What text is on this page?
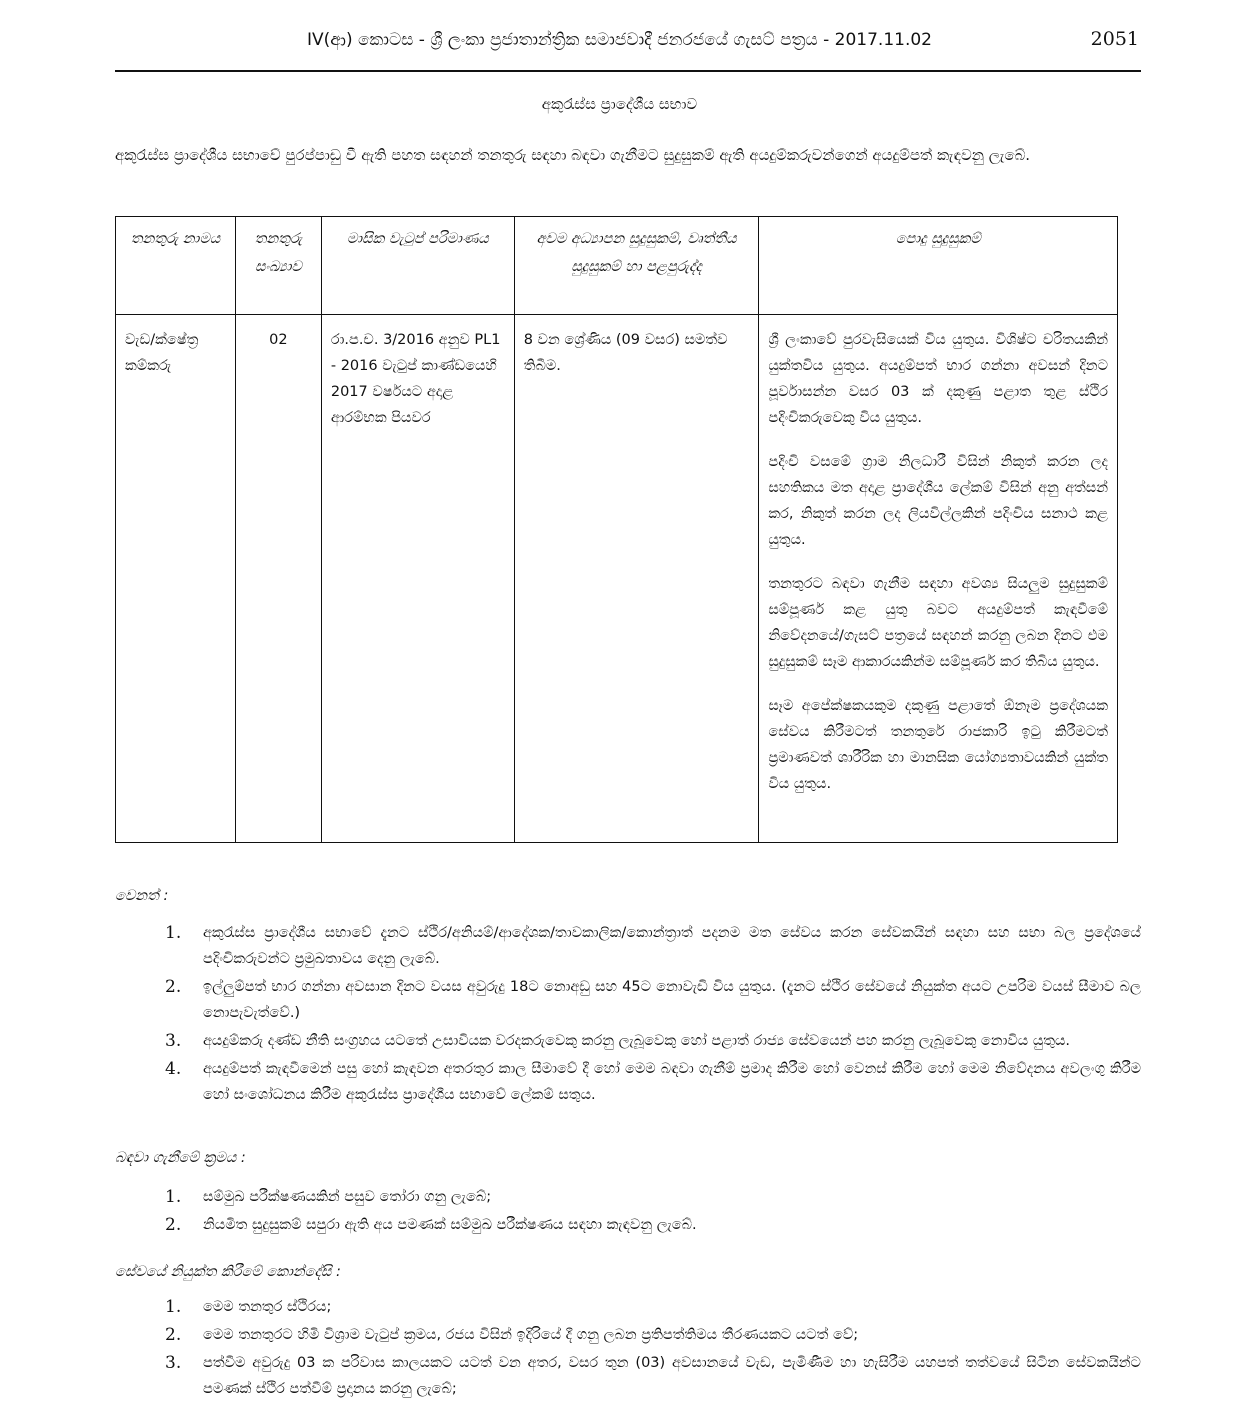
IV(ආ) කොටස - ශ්‍රී ලංකා ප්‍රජාතාන්ත්‍රික සමාජවාදී ජනරජයේ ගැසට් පත්‍රය - 2017.11.02	2051
අකුරැස්ස ප්‍රාදේශීය සභාව
අකුරැස්ස ප්‍රාදේශීය සභාවේ පුරප්පාඩු වී ඇති පහත සඳහන් තනතුරු සඳහා බඳවා ගැනීමට සුදුසුකම් ඇති අයදුම්කරුවන්ගෙන් අයදුම්පත් කැඳවනු ලැබේ.
තනතුරු නාමය	තනතුරු සංඛ්‍යාව	මාසික වැටුප් පරිමාණය	අවම අධ්‍යාපන සුදුසුකම්, වෘත්තීය සුදුසුකම් හා පළපුරුද්ද	පොදු සුදුසුකම්
වැඩ/ක්ෂේත්‍ර කම්කරු	02	රා.ප.ච. 3/2016 අනුව PL1 - 2016 වැටුප් කාණ්ඩයෙහි 2017 වර්ෂයට අදාළ ආරම්භක පියවර	8 වන ශ්‍රේණිය (09 වසර) සමත්ව තිබීම.	ශ්‍රී ලංකාවේ පුරවැසියෙක් විය යුතුය. විශිෂ්ට චරිතයකින් යුක්තවිය යුතුය. අයදුම්පත් භාර ගන්නා අවසන් දිනට පූර්වාසන්න වසර 03 ක් දකුණු පළාත තුළ ස්ථිර පදිංචිකරුවෙකු විය යුතුය.

පදිංචි වසමේ ග්‍රාම නිලධාරී විසින් නිකුත් කරන ලද සහතිකය මත අදාළ ප්‍රාදේශීය ලේකම් විසින් අනු අත්සන් කර, නිකුත් කරන ලද ලියවිල්ලකින් පදිංචිය සනාථ කළ යුතුය.

තනතුරට බඳවා ගැනීම සඳහා අවශ්‍ය සියලුම සුදුසුකම් සම්පූර්ණ කළ යුතු බවට අයදුම්පත් කැඳවීමේ නිවේදනයේ/ගැසට් පත්‍රයේ සඳහන් කරනු ලබන දිනට එම සුදුසුකම් සෑම ආකාරයකින්ම සම්පූර්ණ කර තිබිය යුතුය.

සෑම අපේක්ෂකයකුම දකුණු පළාතේ ඕනෑම ප්‍රදේශයක සේවය කිරීමටත් තනතුරේ රාජකාරි ඉටු කිරීමටත් ප්‍රමාණවත් ශාරීරික හා මානසික යෝග්‍යතාවයකින් යුක්ත විය යුතුය.

වෙනත් :
1. අකුරැස්ස ප්‍රාදේශීය සභාවේ දැනට ස්ථිර/අනියම්/ආදේශක/තාවකාලික/කොන්ත්‍රාත් පදනම මත සේවය කරන සේවකයින් සඳහා සහ සභා බල ප්‍රදේශයේ පදිංචිකරුවන්ට ප්‍රමුඛතාවය දෙනු ලැබේ.
2. ඉල්ලුම්පත් භාර ගන්නා අවසාන දිනට වයස අවුරුදු 18ට නොඅඩු සහ 45ට නොවැඩි විය යුතුය. (දැනට ස්ථිර සේවයේ නියුක්ත අයට උපරිම වයස් සීමාව බල නොපැවැත්වේ.)
3. අයදුම්කරු දණ්ඩ නීති සංග්‍රහය යටතේ උසාවියක වරදකරුවෙකු කරනු ලැබූවෙකු හෝ පළාත් රාජ්‍ය සේවයෙන් පහ කරනු ලැබූවෙකු නොවිය යුතුය.
4. අයදුම්පත් කැඳවීමෙන් පසු හෝ කැඳවන අතරතුර කාල සීමාවේ දී හෝ මෙම බඳවා ගැනීම් ප්‍රමාද කිරීම හෝ වෙනස් කිරීම හෝ මෙම නිවේදනය අවලංගු කිරීම හෝ සංශෝධනය කිරීම අකුරැස්ස ප්‍රාදේශීය සභාවේ ලේකම් සතුය.
බඳවා ගැනීමේ ක්‍රමය :
1. සම්මුඛ පරීක්ෂණයකින් පසුව තෝරා ගනු ලැබේ;
2. නියමිත සුදුසුකම් සපුරා ඇති අය පමණක් සම්මුඛ පරීක්ෂණය සඳහා කැඳවනු ලැබේ.
සේවයේ නියුක්ත කිරීමේ කොන්දේසි :
1. මෙම තනතුර ස්ථිරය;
2. මෙම තනතුරට හිමි විශ්‍රාම වැටුප් ක්‍රමය, රජය විසින් ඉදිරියේ දී ගනු ලබන ප්‍රතිපත්තිමය තීරණයකට යටත් වේ;
3. පත්වීම අවුරුදු 03 ක පරිවාස කාලයකට යටත් වන අතර, වසර තුන (03) අවසානයේ වැඩ, පැමිණීම හා හැසිරීම යහපත් තත්වයේ සිටින සේවකයින්ට පමණක් ස්ථිර පත්වීම් ප්‍රදානය කරනු ලැබේ;
